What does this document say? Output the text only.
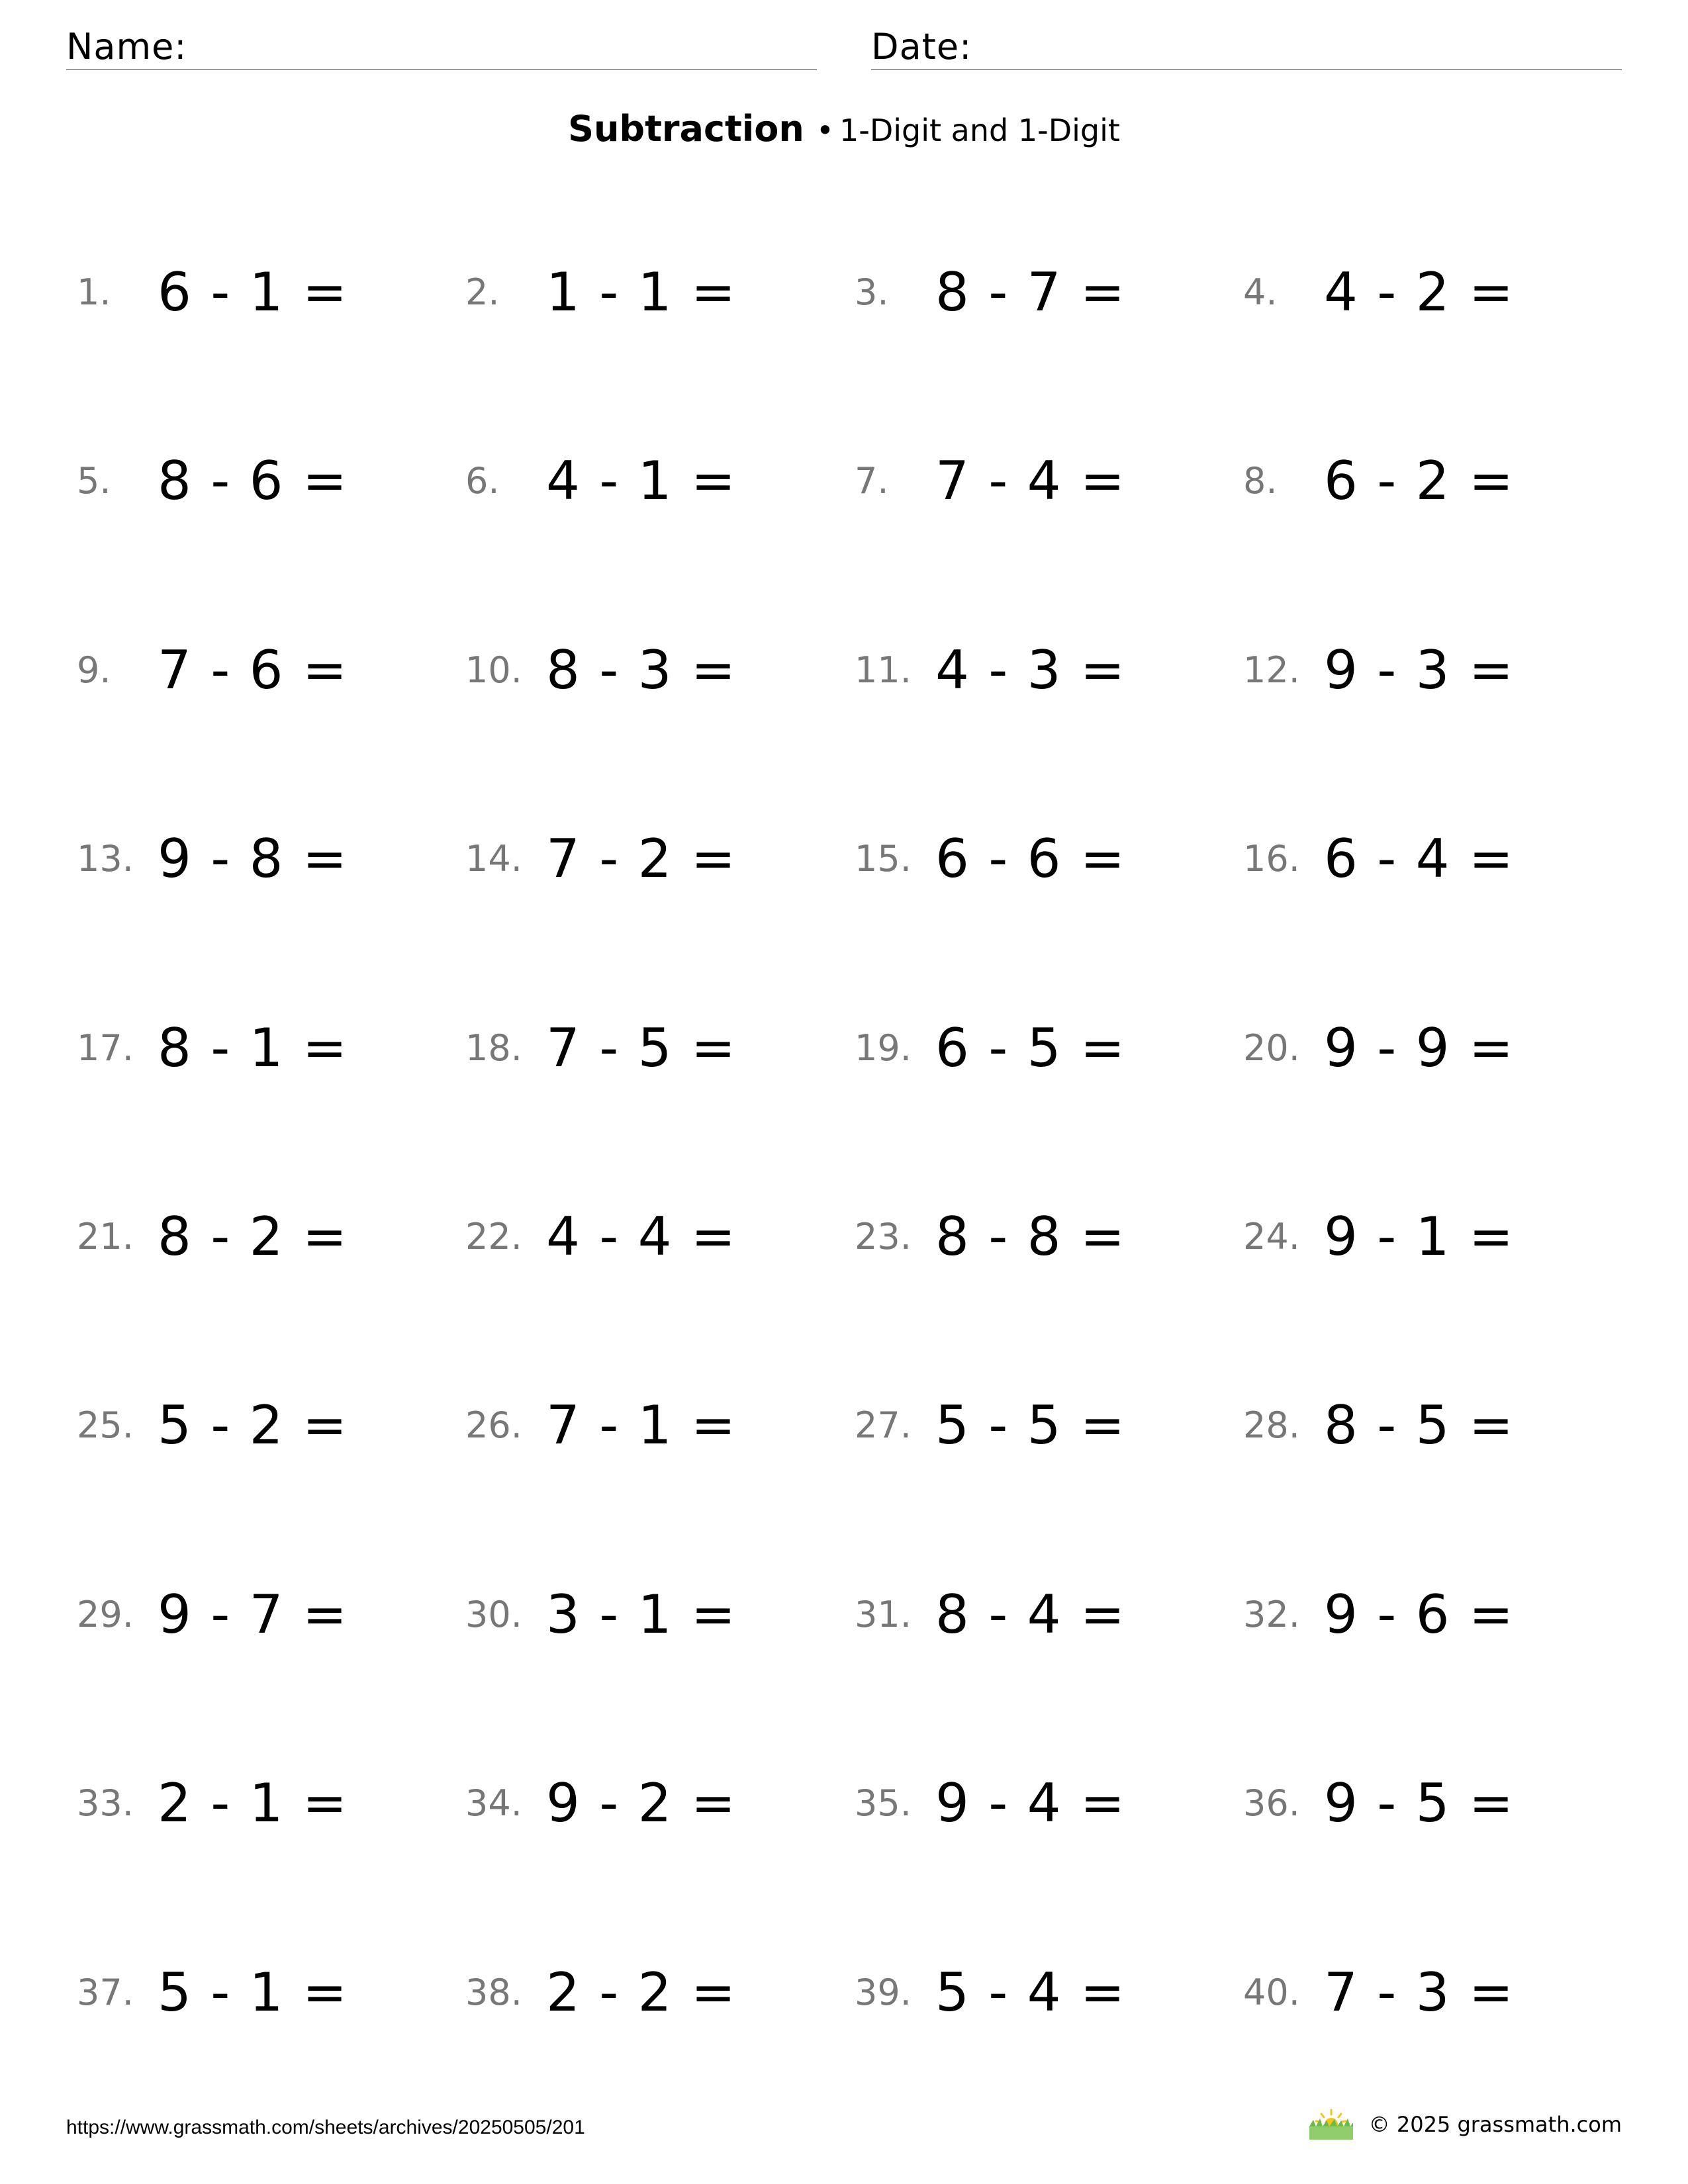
Name:	Date:
Subtraction • 1-Digit and 1-Digit
1. 6 - 1 =	2. 1 - 1 =	3. 8 - 7 =	4. 4 - 2 =
5. 8 - 6 =	6. 4 - 1 =	7. 7 - 4 =	8. 6 - 2 =
9. 7 - 6 =	10. 8 - 3 =	11. 4 - 3 =	12. 9 - 3 =
13. 9 - 8 =	14. 7 - 2 =	15. 6 - 6 =	16. 6 - 4 =
17. 8 - 1 =	18. 7 - 5 =	19. 6 - 5 =	20. 9 - 9 =
21. 8 - 2 =	22. 4 - 4 =	23. 8 - 8 =	24. 9 - 1 =
25. 5 - 2 =	26. 7 - 1 =	27. 5 - 5 =	28. 8 - 5 =
29. 9 - 7 =	30. 3 - 1 =	31. 8 - 4 =	32. 9 - 6 =
33. 2 - 1 =	34. 9 - 2 =	35. 9 - 4 =	36. 9 - 5 =
37. 5 - 1 =	38. 2 - 2 =	39. 5 - 4 =	40. 7 - 3 =
https://www.grassmath.com/sheets/archives/20250505/201	© 2025 grassmath.com
